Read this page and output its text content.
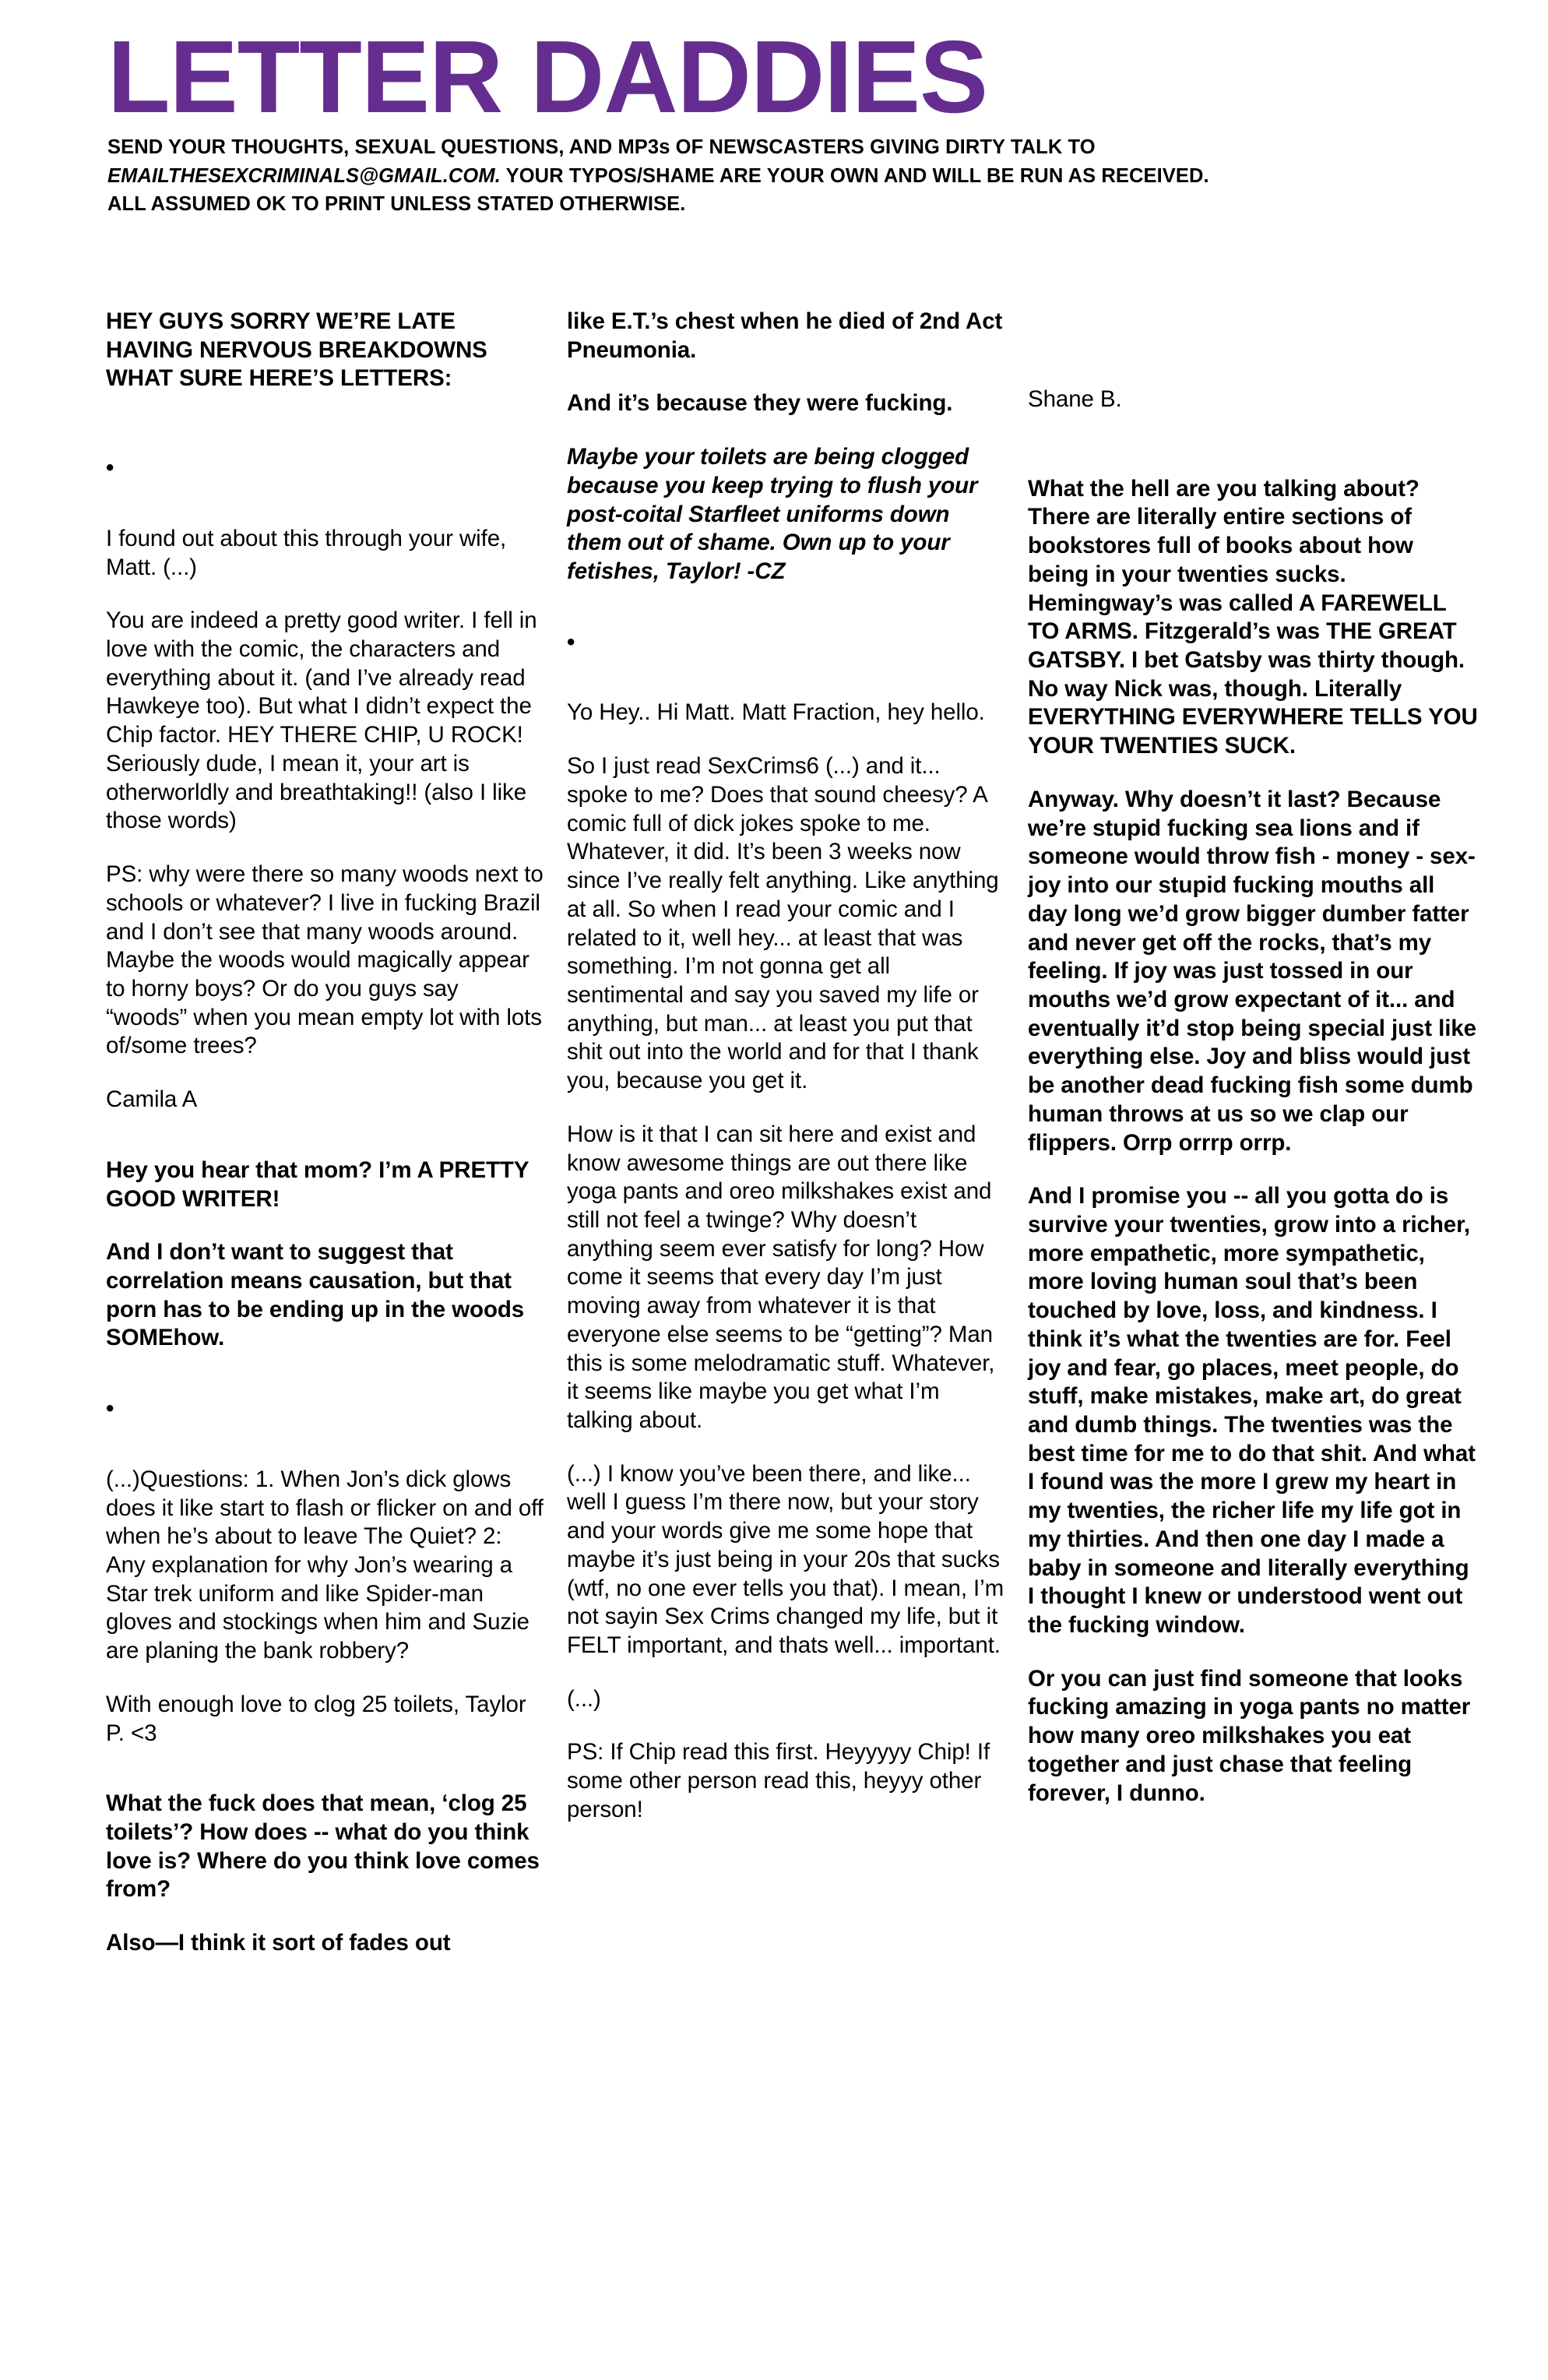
LETTER DADDIES
SEND YOUR THOUGHTS, SEXUAL QUESTIONS, AND MP3s OF NEWSCASTERS GIVING DIRTY TALK TO
EMAILTHESEXCRIMINALS@GMAIL.COM. YOUR TYPOS/SHAME ARE YOUR OWN AND WILL BE RUN AS RECEIVED.
ALL ASSUMED OK TO PRINT UNLESS STATED OTHERWISE.

HEY GUYS SORRY WE’RE LATE HAVING NERVOUS BREAKDOWNS WHAT SURE HERE’S LETTERS:

•

I found out about this through your wife, Matt. (...)

You are indeed a pretty good writer. I fell in love with the comic, the characters and everything about it. (and I’ve already read Hawkeye too). But what I didn’t expect the Chip factor. HEY THERE CHIP, U ROCK! Seriously dude, I mean it, your art is otherworldly and breathtaking!! (also I like those words)

PS: why were there so many woods next to schools or whatever? I live in fucking Brazil and I don’t see that many woods around. Maybe the woods would magically appear to horny boys? Or do you guys say “woods” when you mean empty lot with lots of/some trees?

Camila A

Hey you hear that mom? I’m A PRETTY GOOD WRITER!

And I don’t want to suggest that correlation means causation, but that porn has to be ending up in the woods SOMEhow.

•

(...)Questions: 1. When Jon’s dick glows does it like start to flash or flicker on and off when he’s about to leave The Quiet? 2: Any explanation for why Jon’s wearing a Star trek uniform and like Spider-man gloves and stockings when him and Suzie are planing the bank robbery?

With enough love to clog 25 toilets, Taylor P. <3

What the fuck does that mean, ‘clog 25 toilets’? How does -- what do you think love is? Where do you think love comes from?

Also—I think it sort of fades out

like E.T.’s chest when he died of 2nd Act Pneumonia.

And it’s because they were fucking.

Maybe your toilets are being clogged because you keep trying to flush your post-coital Starfleet uniforms down them out of shame. Own up to your fetishes, Taylor! -CZ

•

Yo Hey.. Hi Matt. Matt Fraction, hey hello.

So I just read SexCrims6 (...) and it... spoke to me? Does that sound cheesy? A comic full of dick jokes spoke to me. Whatever, it did. It’s been 3 weeks now since I’ve really felt anything. Like anything at all. So when I read your comic and I related to it, well hey... at least that was something. I’m not gonna get all sentimental and say you saved my life or anything, but man... at least you put that shit out into the world and for that I thank you, because you get it.

How is it that I can sit here and exist and know awesome things are out there like yoga pants and oreo milkshakes exist and still not feel a twinge? Why doesn’t anything seem ever satisfy for long? How come it seems that every day I’m just moving away from whatever it is that everyone else seems to be “getting”? Man this is some melodramatic stuff. Whatever, it seems like maybe you get what I’m talking about.

(...) I know you’ve been there, and like... well I guess I’m there now, but your story and your words give me some hope that maybe it’s just being in your 20s that sucks (wtf, no one ever tells you that). I mean, I’m not sayin Sex Crims changed my life, but it FELT important, and thats well... important.

(...)

PS: If Chip read this first. Heyyyyy Chip! If some other person read this, heyyy other person!

Shane B.

What the hell are you talking about? There are literally entire sections of bookstores full of books about how being in your twenties sucks. Hemingway’s was called A FAREWELL TO ARMS. Fitzgerald’s was THE GREAT GATSBY. I bet Gatsby was thirty though. No way Nick was, though. Literally EVERYTHING EVERYWHERE TELLS YOU YOUR TWENTIES SUCK.

Anyway. Why doesn’t it last? Because we’re stupid fucking sea lions and if someone would throw fish - money - sex- joy into our stupid fucking mouths all day long we’d grow bigger dumber fatter and never get off the rocks, that’s my feeling. If joy was just tossed in our mouths we’d grow expectant of it... and eventually it’d stop being special just like everything else. Joy and bliss would just be another dead fucking fish some dumb human throws at us so we clap our flippers. Orrp orrrp orrp.

And I promise you -- all you gotta do is survive your twenties, grow into a richer, more empathetic, more sympathetic, more loving human soul that’s been touched by love, loss, and kindness. I think it’s what the twenties are for. Feel joy and fear, go places, meet people, do stuff, make mistakes, make art, do great and dumb things. The twenties was the best time for me to do that shit. And what I found was the more I grew my heart in my twenties, the richer life my life got in my thirties. And then one day I made a baby in someone and literally everything I thought I knew or understood went out the fucking window.

Or you can just find someone that looks fucking amazing in yoga pants no matter how many oreo milkshakes you eat together and just chase that feeling forever, I dunno.
